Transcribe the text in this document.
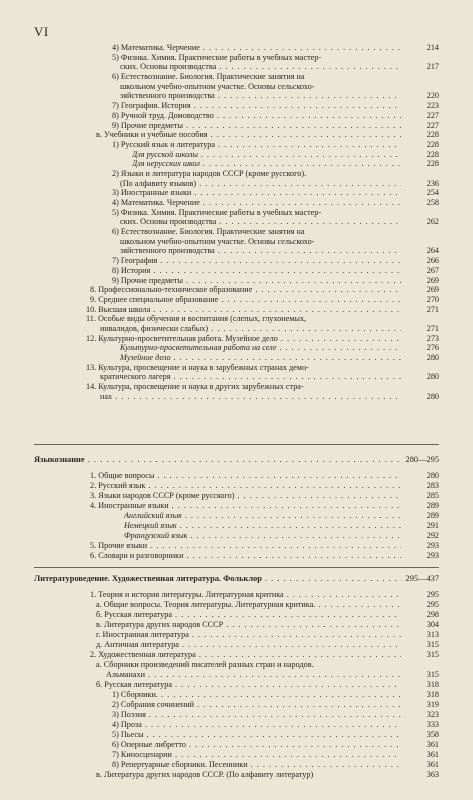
VI
4) Математика. Черчение . . .	214
5) Физика. Химия. Практические работы в учебных мастер-
ских. Основы производства . . .	217
6) Естествознание. Биология. Практические занятия на
школьном учебно-опытном участке. Основы сельскохо-
зяйственного производства . . .	220
7) География. История . . .	223
8) Ручной труд. Домоводство . . .	227
9) Прочие предметы . . .	227
в. Учебники и учебные пособия . . .	228
1) Русский язык и литература . . .	228
Для русской школы . . .	228
Для нерусских школ . . .	228
2) Языки и литература народов СССР (кроме русского).
(По алфавиту языков) . . .	236
3) Иностранные языки . . .	254
4) Математика. Черчение . . .	258
5) Физика. Химия. Практические работы в учебных мастер-
ских. Основы производства . . .	262
6) Естествознание. Биология. Практические занятия на
школьном учебно-опытном участке. Основы сельскохо-
зяйственного производства . . .	264
7) География . . .	266
8) История . . .	267
9) Прочие предметы . . .	269
8. Профессионально-техническое образование . . .	269
9. Среднее специальное образование . . .	270
10. Высшая школа . . .	271
11. Особые виды обучения и воспитания (слепых, глухонемых,
инвалидов, физически слабых) . . .	271
12. Культурно-просветительная работа. Музейное дело . . .	273
Культурно-просветительная работа на селе . . .	276
Музейное дело . . .	280
13. Культура, просвещение и наука в зарубежных странах демо-
кратического лагеря . . .	280
14. Культура, просвещение и наука в других зарубежных стра-
нах . . .	280
Языкознание . . .	280—295
1. Общие вопросы . . .	280
2. Русский язык . . .	283
3. Языки народов СССР (кроме русского) . . .	285
4. Иностранные языки . . .	289
Английский язык . . .	289
Немецкий язык . . .	291
Французский язык . . .	292
5. Прочие языки . . .	293
6. Словари и разговорники . . .	293
Литературоведение. Художественная литература. Фольклор . . .	295—437
1. Теория и история литературы. Литературная критика . . .	295
а. Общие вопросы. Теория литературы. Литературная критика. . . .	295
б. Русская литература . . .	298
в. Литература других народов СССР . . .	304
г. Иностранная литература . . .	313
д. Античная литература . . .	315
2. Художественная литература . . .	315
а. Сборники произведений писателей разных стран и народов.
Альманахи . . .	315
б. Русская литература . . .	318
1) Сборники. . . .	318
2) Собрания сочинений . . .	319
3) Поэзия . . .	323
4) Проза . . .	333
5) Пьесы . . .	358
6) Оперные либретто . . .	361
7) Киносценарии . . .	361
8) Репертуарные сборники. Песенники . . .	361
в. Литература других народов СССР. (По алфавиту литератур)	363
